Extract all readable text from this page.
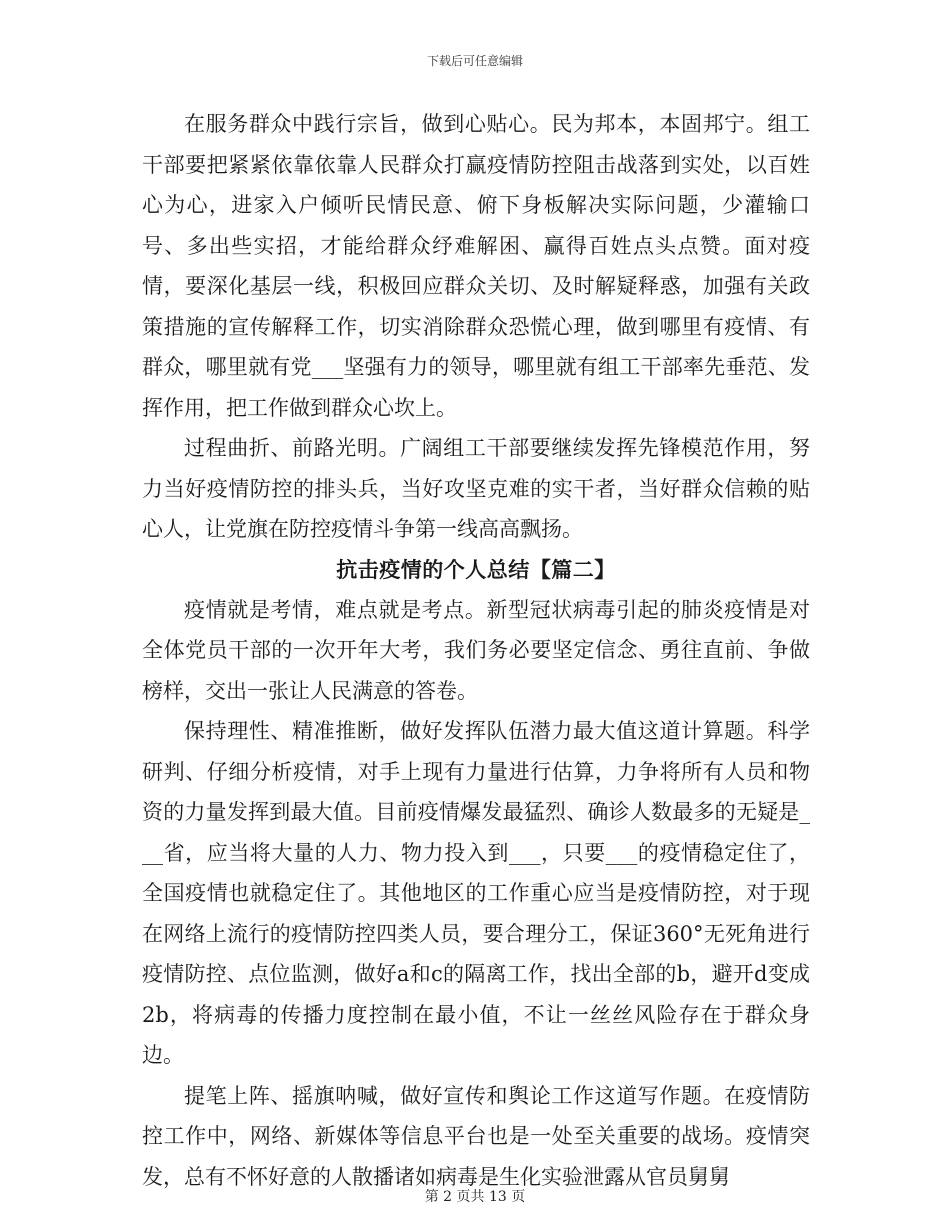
下载后可任意编辑

在服务群众中践行宗旨，做到心贴心。民为邦本，本固邦宁。组工干部要把紧紧依靠依靠人民群众打赢疫情防控阻击战落到实处，以百姓心为心，进家入户倾听民情民意、俯下身板解决实际问题，少灌输口号、多出些实招，才能给群众纾难解困、赢得百姓点头点赞。面对疫情，要深化基层一线，积极回应群众关切、及时解疑释惑，加强有关政策措施的宣传解释工作，切实消除群众恐慌心理，做到哪里有疫情、有群众，哪里就有党___坚强有力的领导，哪里就有组工干部率先垂范、发挥作用，把工作做到群众心坎上。

过程曲折、前路光明。广阔组工干部要继续发挥先锋模范作用，努力当好疫情防控的排头兵，当好攻坚克难的实干者，当好群众信赖的贴心人，让党旗在防控疫情斗争第一线高高飘扬。

抗击疫情的个人总结【篇二】

疫情就是考情，难点就是考点。新型冠状病毒引起的肺炎疫情是对全体党员干部的一次开年大考，我们务必要坚定信念、勇往直前、争做榜样，交出一张让人民满意的答卷。

保持理性、精准推断，做好发挥队伍潜力最大值这道计算题。科学研判、仔细分析疫情，对手上现有力量进行估算，力争将所有人员和物资的力量发挥到最大值。目前疫情爆发最猛烈、确诊人数最多的无疑是___省，应当将大量的人力、物力投入到___，只要___的疫情稳定住了，全国疫情也就稳定住了。其他地区的工作重心应当是疫情防控，对于现在网络上流行的疫情防控四类人员，要合理分工，保证360°无死角进行疫情防控、点位监测，做好a和c的隔离工作，找出全部的b，避开d变成2b，将病毒的传播力度控制在最小值，不让一丝丝风险存在于群众身边。

提笔上阵、摇旗呐喊，做好宣传和舆论工作这道写作题。在疫情防控工作中，网络、新媒体等信息平台也是一处至关重要的战场。疫情突发，总有不怀好意的人散播诸如病毒是生化实验泄露从官员舅舅

第 2 页共 13 页
